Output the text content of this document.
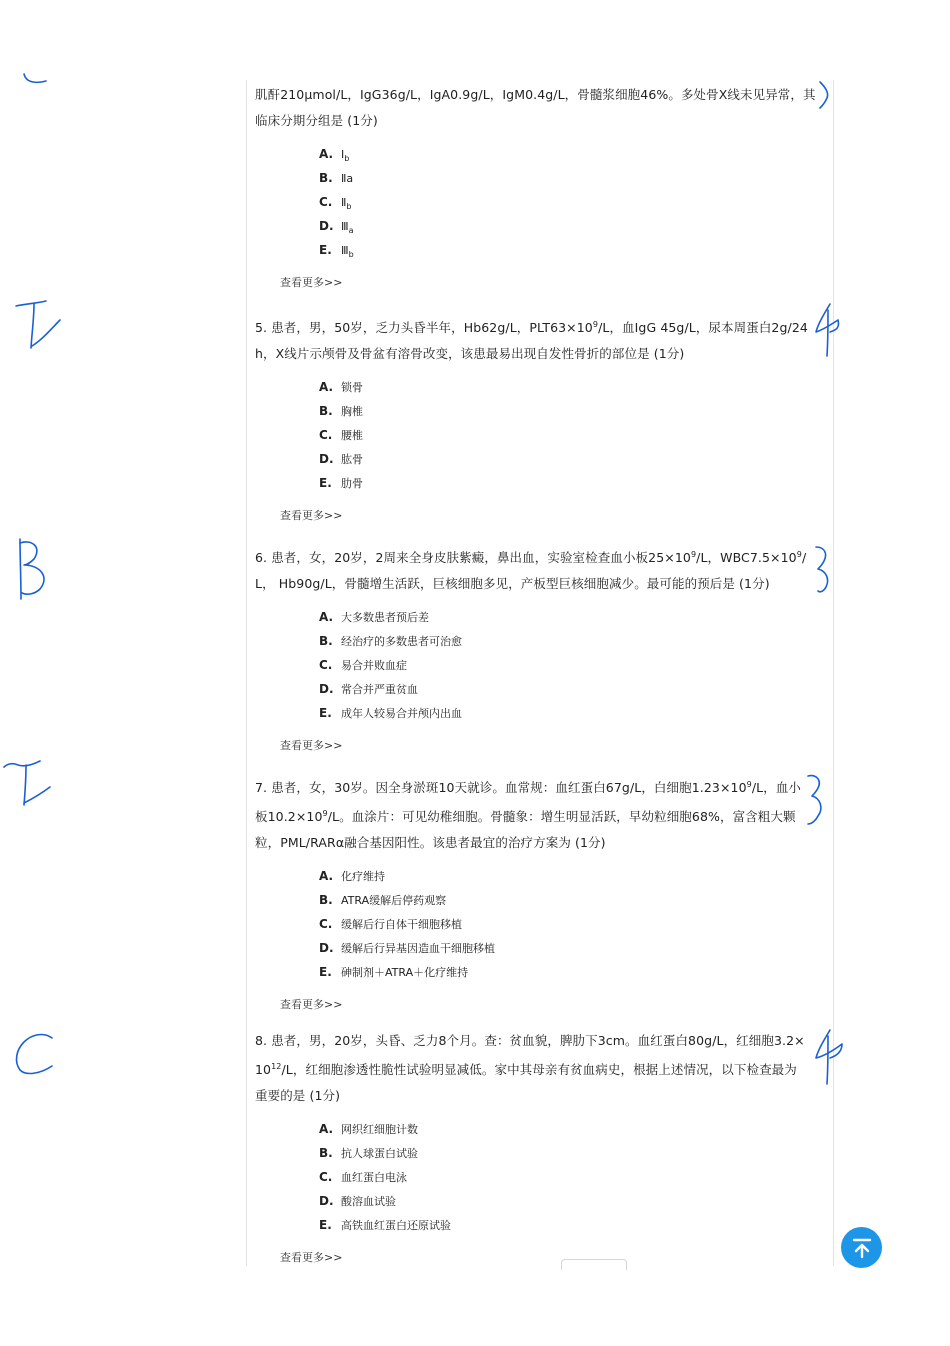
肌酐210μmol/L，IgG36g/L，IgA0.9g/L，IgM0.4g/L，骨髓浆细胞46%。多处骨X线未见异常，其
临床分期分组是 (1分)

A. $Ⅰ_b$
B. Ⅱa
C. $Ⅱ_b$
D. $Ⅲ_a$
E. $Ⅲ_b$
查看更多>>

5. 患者，男，50岁，乏力头昏半年，Hb62g/L，$PLT63\times 10^9/L$，血IgG 45g/L，尿本周蛋白2g/24
h，X线片示颅骨及骨盆有溶骨改变，该患最易出现自发性骨折的部位是 (1分)

A. 锁骨
B. 胸椎
C. 腰椎
D. 肱骨
E. 肋骨
查看更多>>

6. 患者，女，20岁，2周来全身皮肤紫癜，鼻出血，实验室检查血小板$25\times 10^9/L$，$WBC7.5\times 10^9/$
L， Hb90g/L，骨髓增生活跃，巨核细胞多见，产板型巨核细胞减少。最可能的预后是 (1分)

A. 大多数患者预后差
B. 经治疗的多数患者可治愈
C. 易合并败血症
D. 常合并严重贫血
E. 成年人较易合并颅内出血
查看更多>>

7. 患者，女，30岁。因全身淤斑10天就诊。血常规：血红蛋白67g/L，白细胞$1.23\times 10^9/L$，血小
板$10.2\times 10^9/L$。血涂片：可见幼稚细胞。骨髓象：增生明显活跃，早幼粒细胞68%，富含粗大颗
粒，PML/RARα融合基因阳性。该患者最宜的治疗方案为 (1分)

A. 化疗维持
B. ATRA缓解后停药观察
C. 缓解后行自体干细胞移植
D. 缓解后行异基因造血干细胞移植
E. 砷制剂＋ATRA＋化疗维持
查看更多>>

8. 患者，男，20岁，头昏、乏力8个月。查：贫血貌，脾肋下3cm。血红蛋白80g/L，红细胞3.2×
$10^{12}/L$，红细胞渗透性脆性试验明显减低。家中其母亲有贫血病史，根据上述情况，以下检查最为
重要的是 (1分)

A. 网织红细胞计数
B. 抗人球蛋白试验
C. 血红蛋白电泳
D. 酸溶血试验
E. 高铁血红蛋白还原试验
查看更多>>
